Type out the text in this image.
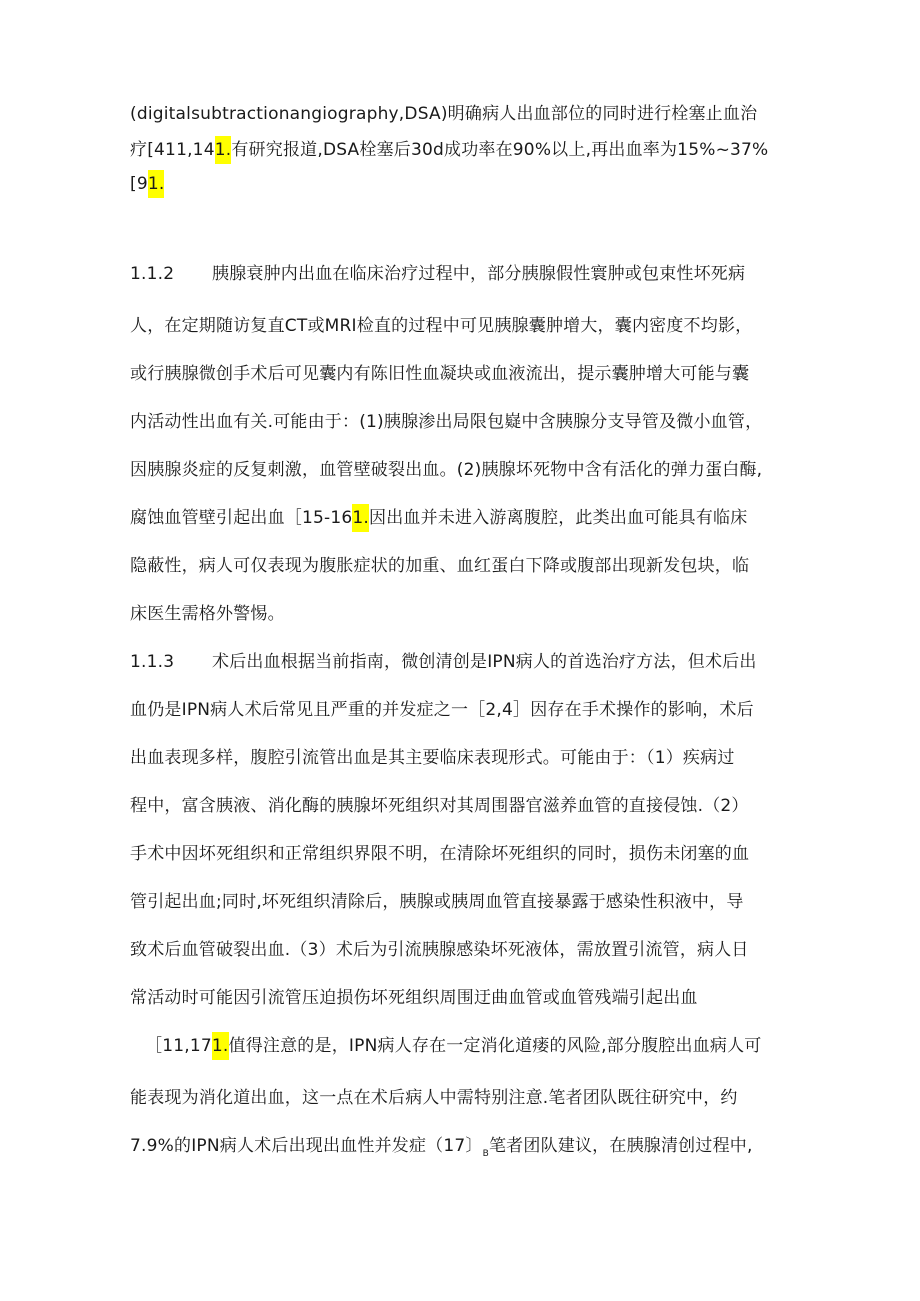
(digitalsubtractionangiography,DSA)明确病人出血部位的同时进行栓塞止血治
疗[411,141.有研究报道,DSA栓塞后30d成功率在90%以上,再出血率为15%~37%
[91.
1.1.2 胰腺衰肿内出血在临床治疗过程中，部分胰腺假性寰肿或包束性坏死病
人，在定期随访复直CT或MRI检直的过程中可见胰腺囊肿增大，囊内密度不均影，
或行胰腺微创手术后可见囊内有陈旧性血凝块或血液流出，提示囊肿增大可能与囊
内活动性出血有关.可能由于：(1)胰腺渗出局限包嶷中含胰腺分支导管及微小血管，
因胰腺炎症的反复刺激，血管壁破裂出血。(2)胰腺坏死物中含有活化的弹力蛋白酶,
腐蚀血管壁引起出血［15-161.因出血并未进入游离腹腔，此类出血可能具有临床
隐蔽性，病人可仅表现为腹胀症状的加重、血红蛋白下降或腹部出现新发包块，临
床医生需格外警惕。
1.1.3 术后出血根据当前指南，微创清创是IPN病人的首选治疗方法，但术后出
血仍是IPN病人术后常见且严重的并发症之一［2,4］因存在手术操作的影响，术后
出血表现多样，腹腔引流管出血是其主要临床表现形式。可能由于：（1）疾病过
程中，富含胰液、消化酶的胰腺坏死组织对其周围器官滋养血管的直接侵蚀.（2）
手术中因坏死组织和正常组织界限不明，在清除坏死组织的同时，损伤未闭塞的血
管引起出血;同时,坏死组织清除后，胰腺或胰周血管直接暴露于感染性积液中，导
致术后血管破裂出血.（3）术后为引流胰腺感染坏死液体，需放置引流管，病人日
常活动时可能因引流管压迫损伤坏死组织周围迂曲血管或血管残端引起出血
［11,171.值得注意的是，IPN病人存在一定消化道瘘的风险,部分腹腔出血病人可
能表现为消化道出血，这一点在术后病人中需特别注意.笔者团队既往研究中，约
7.9%的IPN病人术后出现出血性并发症（17〕$_B$笔者团队建议，在胰腺清创过程中,
